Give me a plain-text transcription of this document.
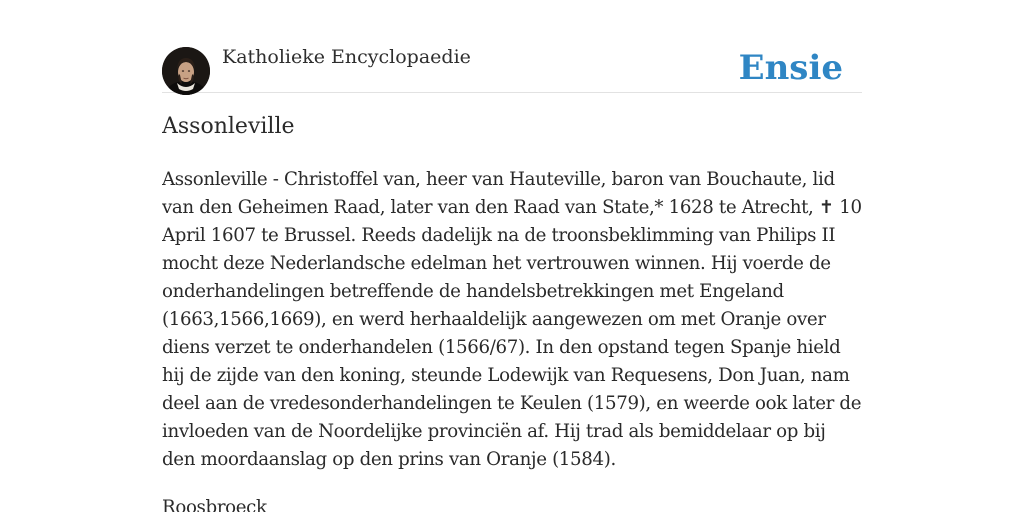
Katholieke Encyclopaedie	Ensie
Assonleville

Assonleville - Christoffel van, heer van Hauteville, baron van Bouchaute, lid van den Geheimen Raad, later van den Raad van State,* 1628 te Atrecht, ✝ 10 April 1607 te Brussel. Reeds dadelijk na de troonsbeklimming van Philips II mocht deze Nederlandsche edelman het vertrouwen winnen. Hij voerde de onderhandelingen betreffende de handelsbetrekkingen met Engeland (1663,1566,1669), en werd herhaaldelijk aangewezen om met Oranje over diens verzet te onderhandelen (1566/67). In den opstand tegen Spanje hield hij de zijde van den koning, steunde Lodewijk van Requesens, Don Juan, nam deel aan de vredesonderhandelingen te Keulen (1579), en weerde ook later de invloeden van de Noordelijke provinciën af. Hij trad als bemiddelaar op bij den moordaanslag op den prins van Oranje (1584).

Roosbroeck
